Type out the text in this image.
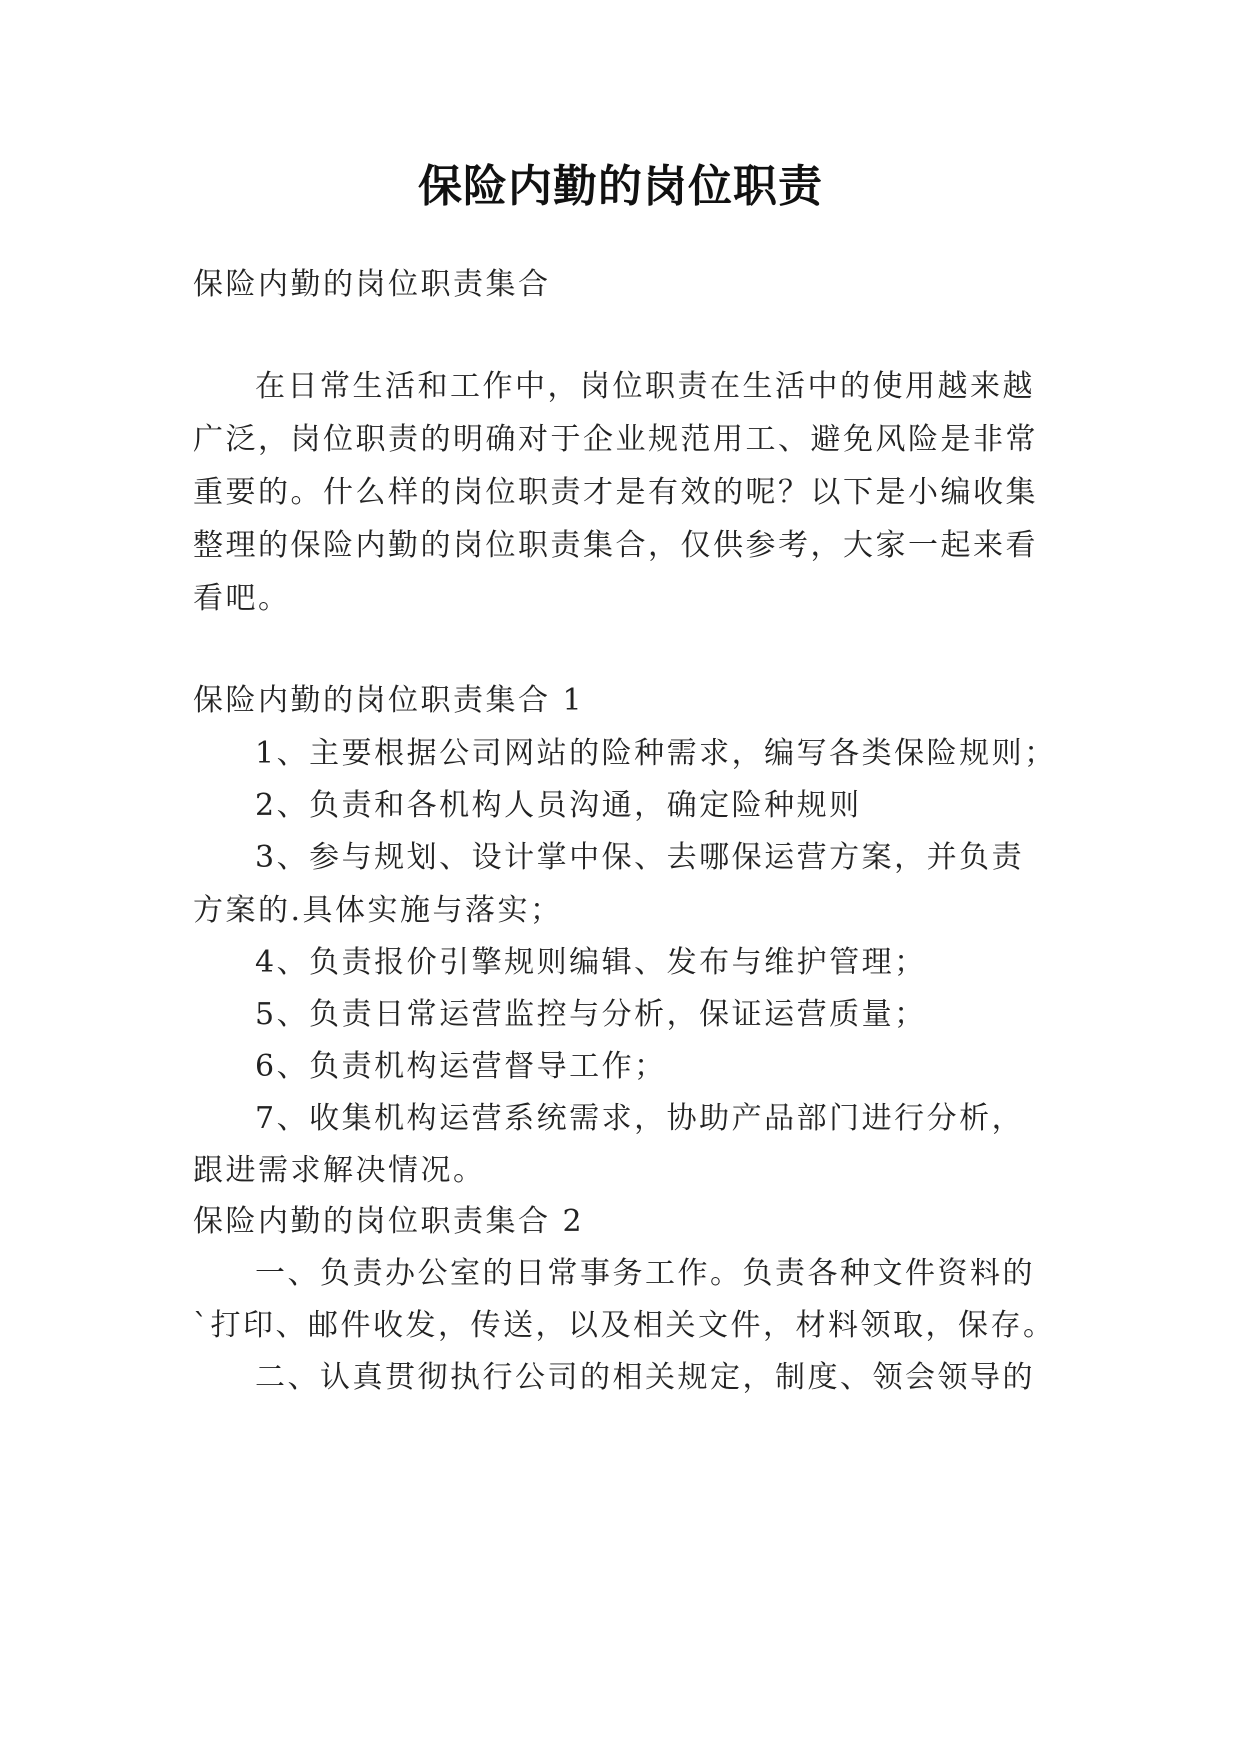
保险内勤的岗位职责
保险内勤的岗位职责集合
在日常生活和工作中，岗位职责在生活中的使用越来越
广泛，岗位职责的明确对于企业规范用工、避免风险是非常
重要的。什么样的岗位职责才是有效的呢？以下是小编收集
整理的保险内勤的岗位职责集合，仅供参考，大家一起来看
看吧。
保险内勤的岗位职责集合 1
1、主要根据公司网站的险种需求，编写各类保险规则；
2、负责和各机构人员沟通，确定险种规则
3、参与规划、设计掌中保、去哪保运营方案，并负责
方案的.具体实施与落实；
4、负责报价引擎规则编辑、发布与维护管理；
5、负责日常运营监控与分析，保证运营质量；
6、负责机构运营督导工作；
7、收集机构运营系统需求，协助产品部门进行分析，
跟进需求解决情况。
保险内勤的岗位职责集合 2
一、负责办公室的日常事务工作。负责各种文件资料的
`打印、邮件收发，传送，以及相关文件，材料领取，保存。
二、认真贯彻执行公司的相关规定，制度、领会领导的
